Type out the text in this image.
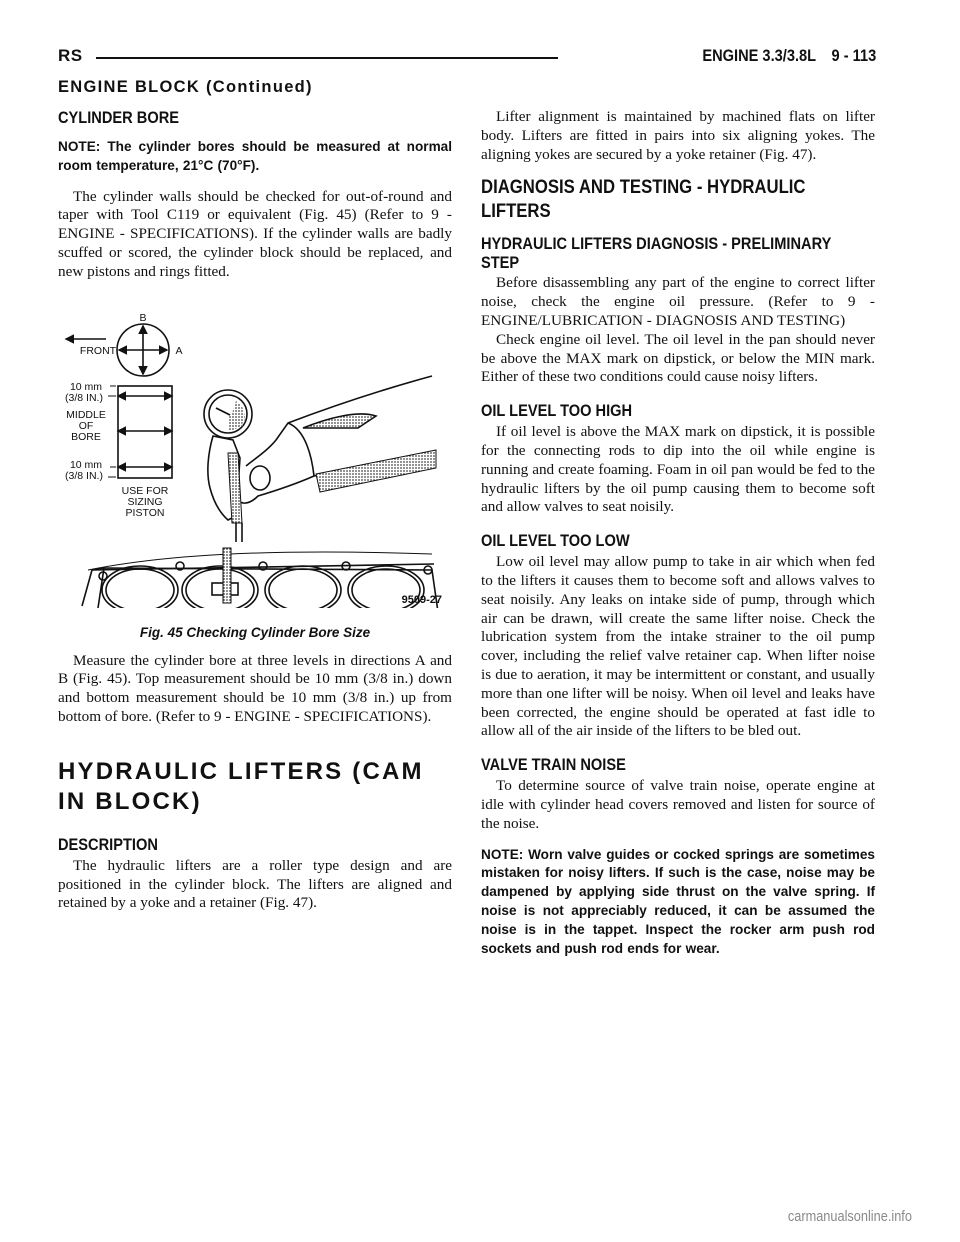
RS	ENGINE 3.3/3.8L 9 - 113
ENGINE BLOCK (Continued)
CYLINDER BORE

NOTE: The cylinder bores should be measured at normal room temperature, 21°C (70°F).

The cylinder walls should be checked for out-of-round and taper with Tool C119 or equivalent (Fig. 45) (Refer to 9 - ENGINE - SPECIFICATIONS). If the cylinder walls are badly scuffed or scored, the cylinder block should be replaced, and new pistons and rings fitted.

B
A
FRONT
10 mm
(3/8 IN.)
MIDDLE
OF
BORE
10 mm
(3/8 IN.)
USE FOR
SIZING
PISTON
9509-27

Fig. 45 Checking Cylinder Bore Size

Measure the cylinder bore at three levels in directions A and B (Fig. 45). Top measurement should be 10 mm (3/8 in.) down and bottom measurement should be 10 mm (3/8 in.) up from bottom of bore. (Refer to 9 - ENGINE - SPECIFICATIONS).

HYDRAULIC LIFTERS (CAM IN BLOCK)
DESCRIPTION

The hydraulic lifters are a roller type design and are positioned in the cylinder block. The lifters are aligned and retained by a yoke and a retainer (Fig. 47).

Lifter alignment is maintained by machined flats on lifter body. Lifters are fitted in pairs into six aligning yokes. The aligning yokes are secured by a yoke retainer (Fig. 47).

DIAGNOSIS AND TESTING - HYDRAULIC LIFTERS
HYDRAULIC LIFTERS DIAGNOSIS - PRELIMINARY STEP

Before disassembling any part of the engine to correct lifter noise, check the engine oil pressure. (Refer to 9 - ENGINE/LUBRICATION - DIAGNOSIS AND TESTING)

Check engine oil level. The oil level in the pan should never be above the MAX mark on dipstick, or below the MIN mark. Either of these two conditions could cause noisy lifters.

OIL LEVEL TOO HIGH

If oil level is above the MAX mark on dipstick, it is possible for the connecting rods to dip into the oil while engine is running and create foaming. Foam in oil pan would be fed to the hydraulic lifters by the oil pump causing them to become soft and allow valves to seat noisily.

OIL LEVEL TOO LOW

Low oil level may allow pump to take in air which when fed to the lifters it causes them to become soft and allows valves to seat noisily. Any leaks on intake side of pump, through which air can be drawn, will create the same lifter noise. Check the lubrication system from the intake strainer to the oil pump cover, including the relief valve retainer cap. When lifter noise is due to aeration, it may be intermittent or constant, and usually more than one lifter will be noisy. When oil level and leaks have been corrected, the engine should be operated at fast idle to allow all of the air inside of the lifters to be bled out.

VALVE TRAIN NOISE

To determine source of valve train noise, operate engine at idle with cylinder head covers removed and listen for source of the noise.

NOTE: Worn valve guides or cocked springs are sometimes mistaken for noisy lifters. If such is the case, noise may be dampened by applying side thrust on the valve spring. If noise is not appreciably reduced, it can be assumed the noise is in the tappet. Inspect the rocker arm push rod sockets and push rod ends for wear.

carmanualsonline.info
